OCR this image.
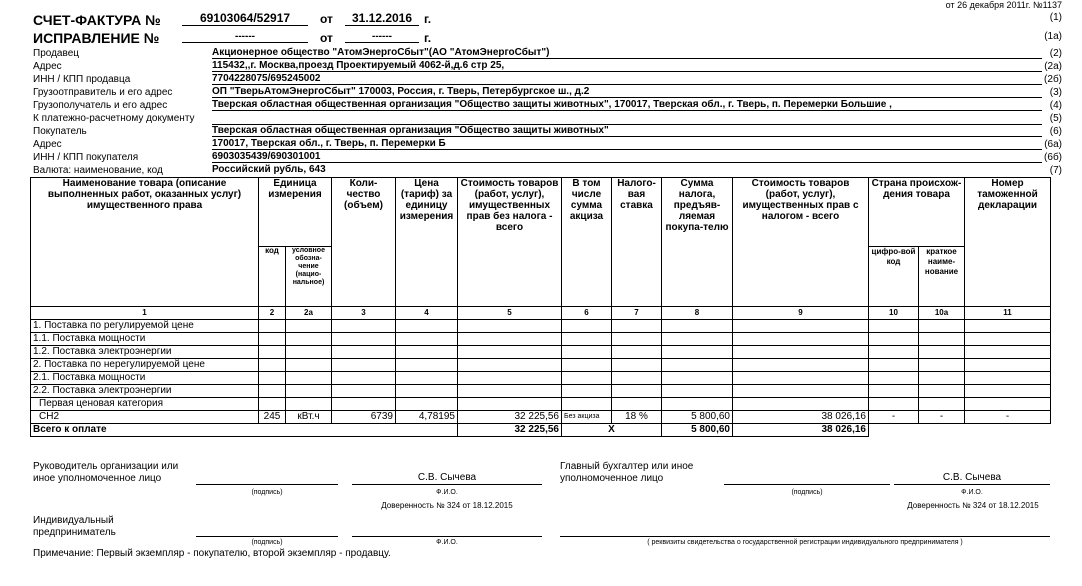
от 26 декабря 2011г. №1137
СЧЕТ-ФАКТУРА №	69103064/52917	от	31.12.2016 г.	(1)
ИСПРАВЛЕНИЕ №	------	от	------	г.	(1а)
Продавец	Акционерное общество "АтомЭнергоСбыт"(АО "АтомЭнергоСбыт")	(2)
Адрес	115432,,г. Москва,проезд Проектируемый 4062-й,д.6 стр 25,	(2а)
ИНН / КПП продавца	7704228075/695245002	(2б)
Грузоотправитель и его адрес	ОП "ТверьАтомЭнергоСбыт" 170003, Россия, г. Тверь, Петербургское ш., д.2	(3)
Грузополучатель и его адрес	Тверская областная общественная организация "Общество защиты животных", 170017, Тверская обл., г. Тверь, п. Перемерки Большие ,	(4)
К платежно-расчетному документу	(5)
Покупатель	Тверская областная общественная организация "Общество защиты животных"	(6)
Адрес	170017, Тверская обл., г. Тверь, п. Перемерки Б	(6а)
ИНН / КПП покупателя	6903035439/690301001	(6б)
Валюта: наименование, код	Российский рубль, 643	(7)
Наименование товара (описание выполненных работ, оказанных услуг) имущественного права	Единица измерения		Коли-чество (объем)	Цена (тариф) за единицу измерения	Стоимость товаров (работ, услуг), имущественных прав без налога - всего	В том числе сумма акциза	Налого-вая ставка	Сумма налога, предъяв-ляемая покупа-телю	Стоимость товаров (работ, услуг), имущественных прав с налогом - всего	Страна происхож-дения товара		Номер таможенной декларации
	код	условное обозна-чение (нацио-нальное)								цифро-вой код	краткое наиме-нование	
1	2	2а	3	4	5	6	7	8	9	10	10а	11
1. Поставка по регулируемой цене												
1.1. Поставка мощности												
1.2. Поставка электроэнергии												
2. Поставка по нерегулируемой цене												
2.1. Поставка мощности												
2.2. Поставка электроэнергии												
Первая ценовая категория												
СН2	245	кВт.ч	6739	4,78195	32 225,56	Без акциза	18 %	5 800,60	38 026,16	-	-	-
Всего к оплате					32 225,56	X		5 800,60	38 026,16			
Руководитель организации или
иное уполномоченное лицо	С.В. Сычева
(подпись)	Ф.И.О.
Доверенность № 324 от 18.12.2015
Главный бухгалтер или иное
уполномоченное лицо	С.В. Сычева
(подпись)	Ф.И.О.
Доверенность № 324 от 18.12.2015
Индивидуальный
предприниматель
(подпись)	Ф.И.О.	( реквизиты свидетельства о государственной регистрации индивидуального предпринимателя )
Примечание: Первый экземпляр - покупателю, второй экземпляр - продавцу.
